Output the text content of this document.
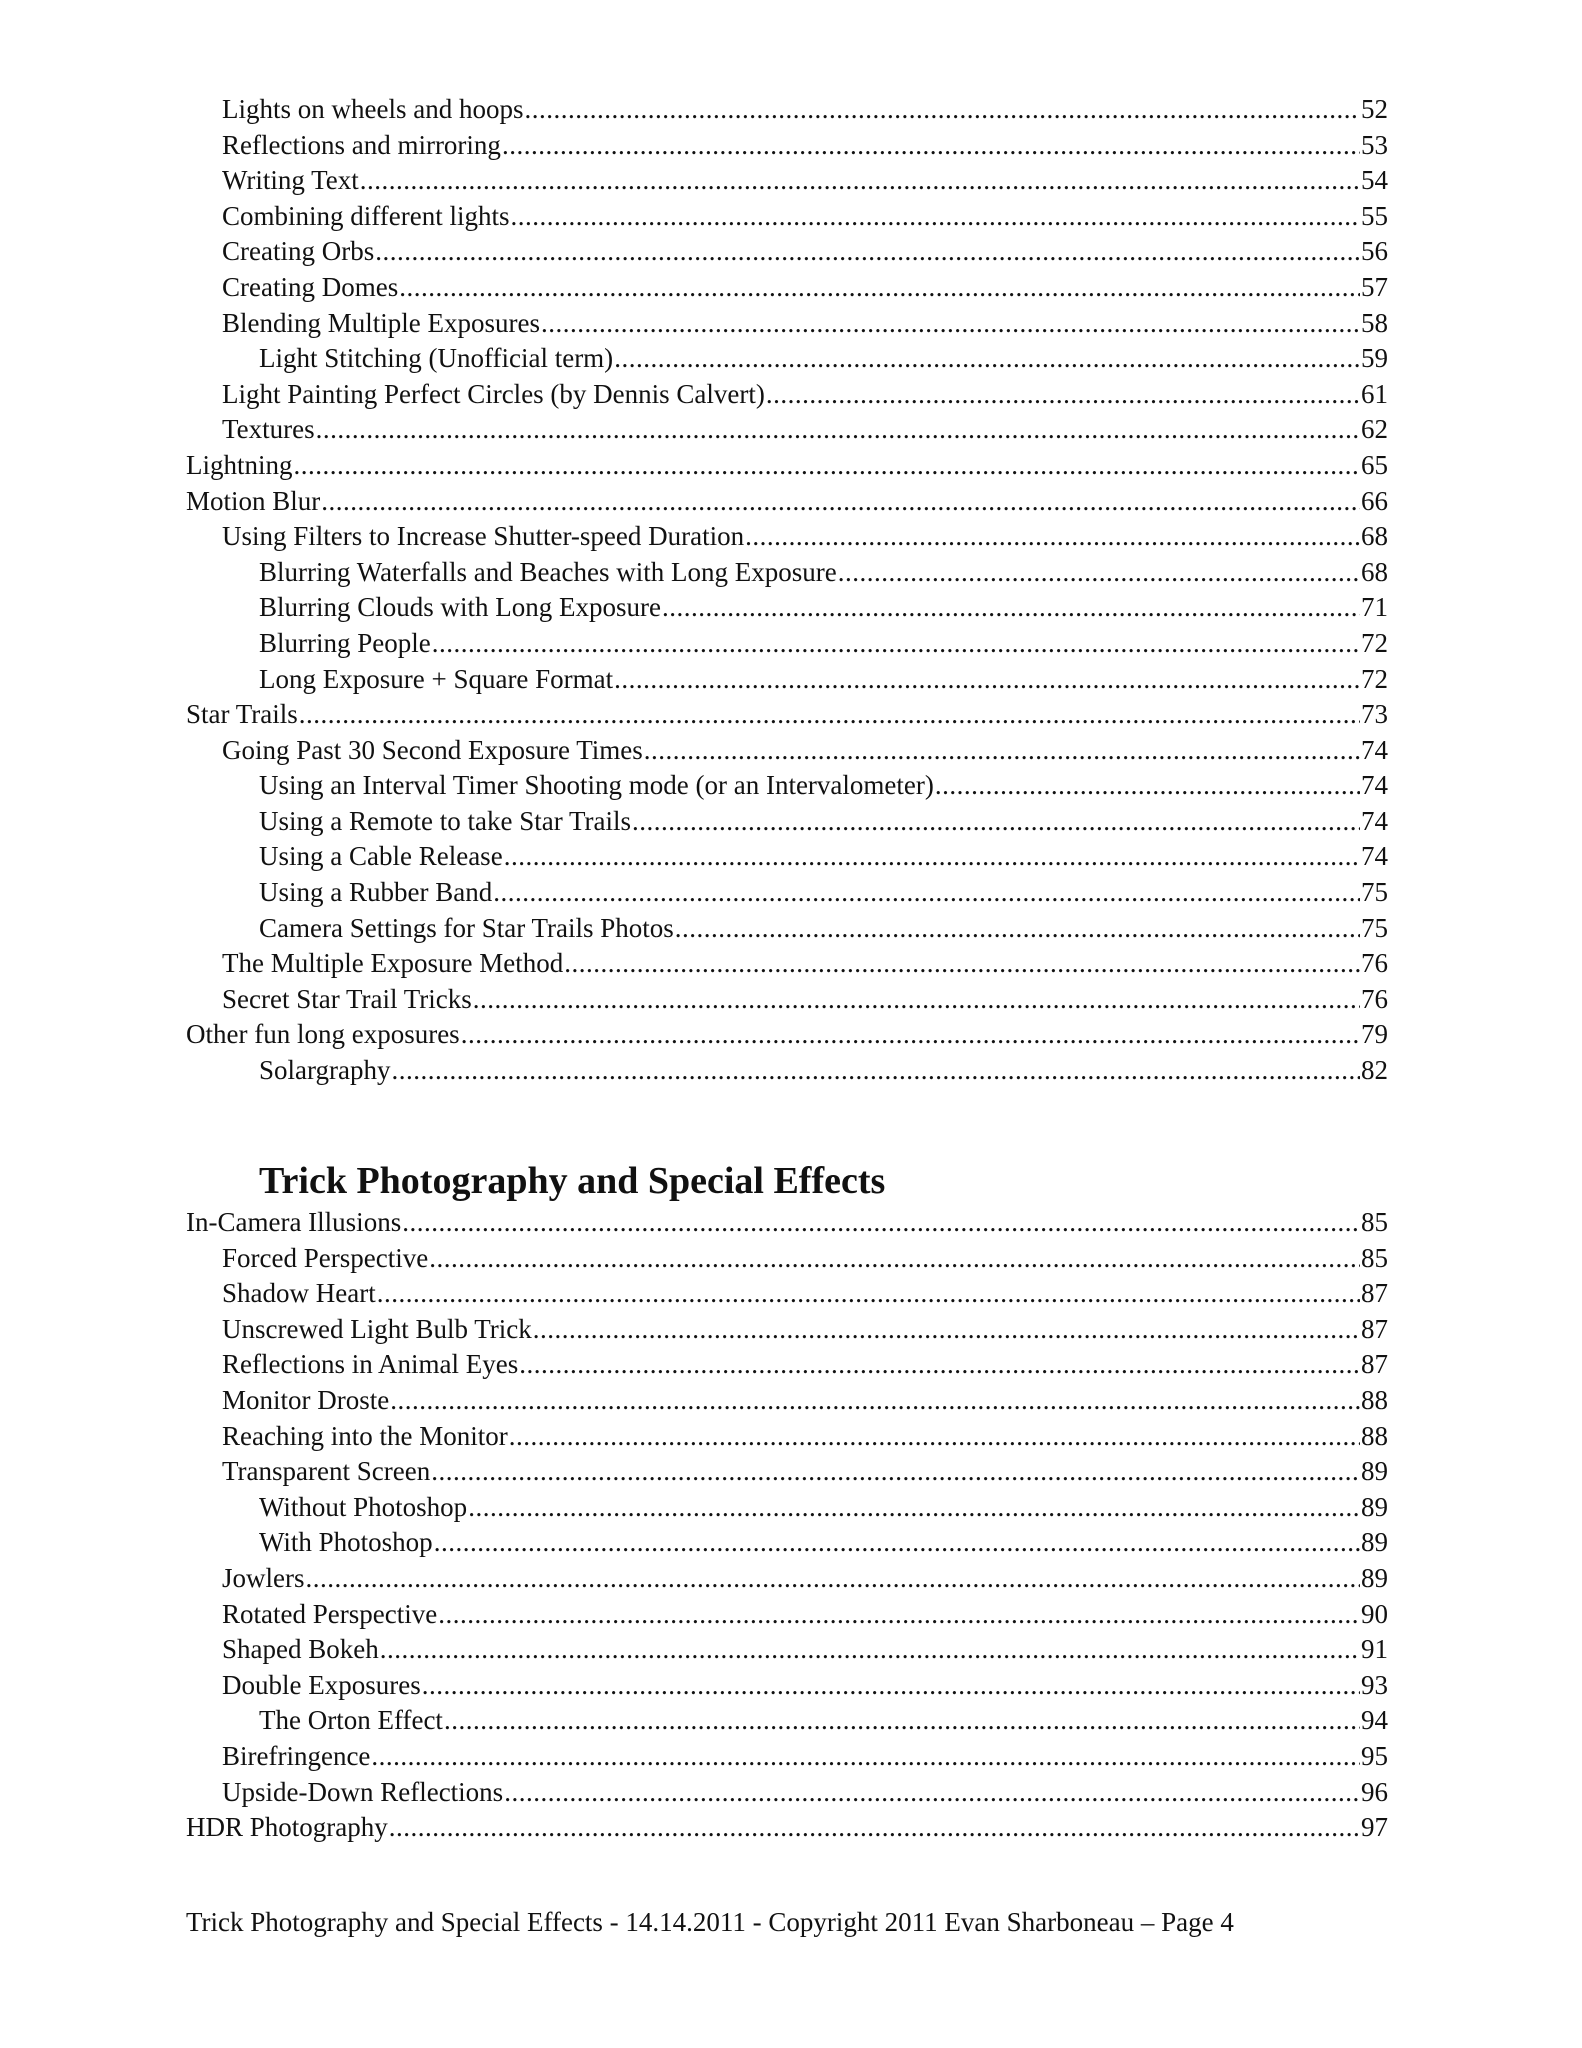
Lights on wheels and hoops .....	52
Reflections and mirroring .....	53
Writing Text .....	54
Combining different lights .....	55
Creating Orbs .....	56
Creating Domes .....	57
Blending Multiple Exposures .....	58
Light Stitching (Unofficial term) .....	59
Light Painting Perfect Circles (by Dennis Calvert) .....	61
Textures .....	62
Lightning .....	65
Motion Blur .....	66
Using Filters to Increase Shutter-speed Duration .....	68
Blurring Waterfalls and Beaches with Long Exposure .....	68
Blurring Clouds with Long Exposure .....	71
Blurring People .....	72
Long Exposure + Square Format .....	72
Star Trails .....	73
Going Past 30 Second Exposure Times .....	74
Using an Interval Timer Shooting mode (or an Intervalometer) .....	74
Using a Remote to take Star Trails .....	74
Using a Cable Release .....	74
Using a Rubber Band .....	75
Camera Settings for Star Trails Photos .....	75
The Multiple Exposure Method .....	76
Secret Star Trail Tricks .....	76
Other fun long exposures .....	79
Solargraphy .....	82
Trick Photography and Special Effects
In-Camera Illusions .....	85
Forced Perspective .....	85
Shadow Heart .....	87
Unscrewed Light Bulb Trick .....	87
Reflections in Animal Eyes .....	87
Monitor Droste .....	88
Reaching into the Monitor .....	88
Transparent Screen .....	89
Without Photoshop .....	89
With Photoshop .....	89
Jowlers .....	89
Rotated Perspective .....	90
Shaped Bokeh .....	91
Double Exposures .....	93
The Orton Effect .....	94
Birefringence .....	95
Upside-Down Reflections .....	96
HDR Photography .....	97
Trick Photography and Special Effects - 14.14.2011 - Copyright 2011 Evan Sharboneau – Page 4
